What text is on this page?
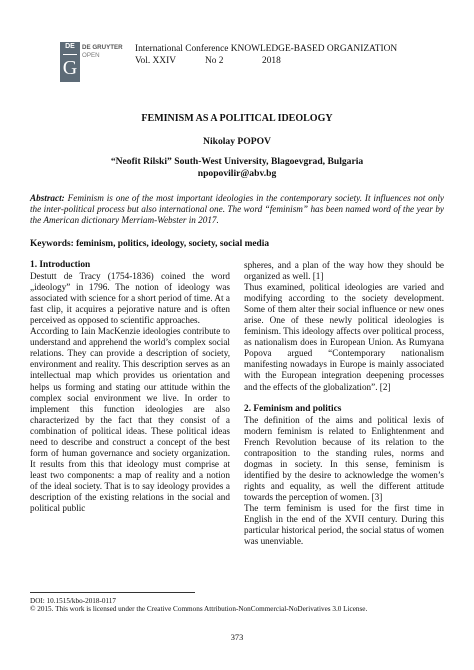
DE
G
DE GRUYTER
OPEN
International Conference KNOWLEDGE-BASED ORGANIZATION
Vol. XXIV	No 2	2018
FEMINISM AS A POLITICAL IDEOLOGY
Nikolay POPOV
“Neofit Rilski” South-West University, Blagoevgrad, Bulgaria
npopovilir@abv.bg
Abstract: Feminism is one of the most important ideologies in the contemporary society. It influences not only the inter-political process but also international one. The word “feminism” has been named word of the year by the American dictionary Merriam-Webster in 2017.
Keywords: feminism, politics, ideology, society, social media
1. Introduction

Destutt de Tracy (1754-1836) coined the word „ideology” in 1796. The notion of ideology was associated with science for a short period of time. At a fast clip, it acquires a pejorative nature and is often perceived as opposed to scientific approaches.

According to Iain MacKenzie ideologies contribute to understand and apprehend the world’s complex social relations. They can provide a description of society, environment and reality. This description serves as an intellectual map which provides us orientation and helps us forming and stating our attitude within the complex social environment we live. In order to implement this function ideologies are also characterized by the fact that they consist of a combination of political ideas. These political ideas need to describe and construct a concept of the best form of human governance and society organization. It results from this that ideology must comprise at least two components: a map of reality and a notion of the ideal society. That is to say ideology provides a description of the existing relations in the social and political public

spheres, and a plan of the way how they should be organized as well. [1]

Thus examined, political ideologies are varied and modifying according to the society development. Some of them alter their social influence or new ones arise. One of these newly political ideologies is feminism. This ideology affects over political process, as nationalism does in European Union. As Rumyana Popova argued “Contemporary nationalism manifesting nowadays in Europe is mainly associated with the European integration deepening processes and the effects of the globalization”. [2]

2. Feminism and politics

The definition of the aims and political lexis of modern feminism is related to Enlightenment and French Revolution because of its relation to the contraposition to the standing rules, norms and dogmas in society. In this sense, feminism is identified by the desire to acknowledge the women’s rights and equality, as well the different attitude towards the perception of women. [3]

The term feminism is used for the first time in English in the end of the XVII century. During this particular historical period, the social status of women was unenviable.

DOI: 10.1515/kbo-2018-0117
© 2015. This work is licensed under the Creative Commons Attribution-NonCommercial-NoDerivatives 3.0 License.
373
